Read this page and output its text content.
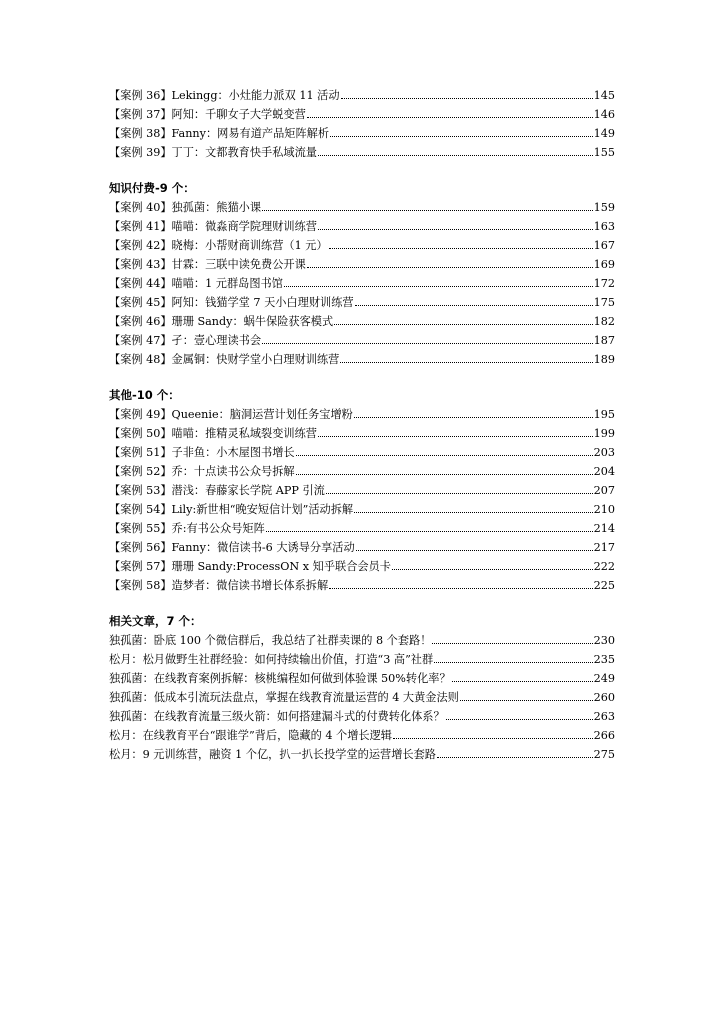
【案例 36】Lekingg：小灶能力派双 11 活动	145
【案例 37】阿知：千聊女子大学蜕变营	146
【案例 38】Fanny：网易有道产品矩阵解析	149
【案例 39】丁丁：文都教育快手私域流量	155
知识付费-9 个：
【案例 40】独孤菌：熊猫小课	159
【案例 41】喵喵：微淼商学院理财训练营	163
【案例 42】晓梅：小帮财商训练营（1 元）	167
【案例 43】甘霖：三联中读免费公开课	169
【案例 44】喵喵：1 元群岛图书馆	172
【案例 45】阿知：钱猫学堂 7 天小白理财训练营	175
【案例 46】珊珊 Sandy：蜗牛保险获客模式	182
【案例 47】孑：壹心理读书会	187
【案例 48】金属铜：快财学堂小白理财训练营	189
其他-10 个：
【案例 49】Queenie：脑洞运营计划任务宝增粉	195
【案例 50】喵喵：推精灵私域裂变训练营	199
【案例 51】子非鱼：小木屋图书增长	203
【案例 52】乔：十点读书公众号拆解	204
【案例 53】潜浅：春藤家长学院 APP 引流	207
【案例 54】Lily:新世相“晚安短信计划”活动拆解	210
【案例 55】乔:有书公众号矩阵	214
【案例 56】Fanny：微信读书-6 大诱导分享活动	217
【案例 57】珊珊 Sandy:ProcessON x 知乎联合会员卡	222
【案例 58】造梦者：微信读书增长体系拆解	225
相关文章，7 个：
独孤菌：卧底 100 个微信群后，我总结了社群卖课的 8 个套路！	230
松月：松月做野生社群经验：如何持续输出价值，打造“3 高”社群	235
独孤菌：在线教育案例拆解：核桃编程如何做到体验课 50%转化率？	249
独孤菌：低成本引流玩法盘点，掌握在线教育流量运营的 4 大黄金法则	260
独孤菌：在线教育流量三级火箭：如何搭建漏斗式的付费转化体系？	263
松月：在线教育平台“跟谁学”背后，隐藏的 4 个增长逻辑	266
松月：9 元训练营，融资 1 个亿，扒一扒长投学堂的运营增长套路	275
